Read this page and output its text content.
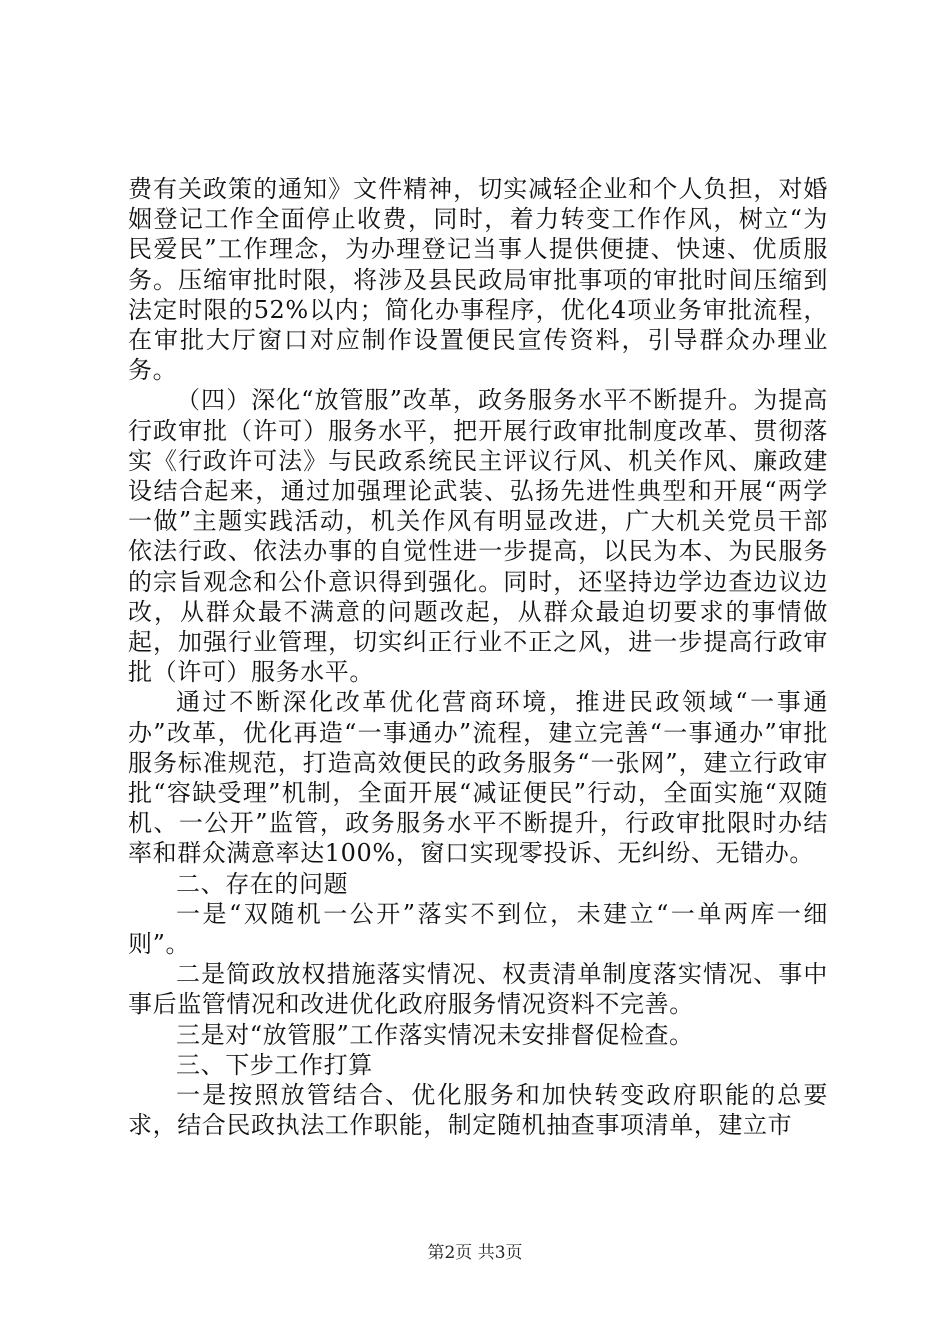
费有关政策的通知》文件精神，切实减轻企业和个人负担，对婚姻登记工作全面停止收费，同时，着力转变工作作风，树立“为民爱民”工作理念，为办理登记当事人提供便捷、快速、优质服务。压缩审批时限，将涉及县民政局审批事项的审批时间压缩到法定时限的52%以内；简化办事程序，优化4项业务审批流程，在审批大厅窗口对应制作设置便民宣传资料，引导群众办理业务。

（四）深化“放管服”改革，政务服务水平不断提升。为提高行政审批（许可）服务水平，把开展行政审批制度改革、贯彻落实《行政许可法》与民政系统民主评议行风、机关作风、廉政建设结合起来，通过加强理论武装、弘扬先进性典型和开展“两学一做”主题实践活动，机关作风有明显改进，广大机关党员干部依法行政、依法办事的自觉性进一步提高，以民为本、为民服务的宗旨观念和公仆意识得到强化。同时，还坚持边学边查边议边改，从群众最不满意的问题改起，从群众最迫切要求的事情做起，加强行业管理，切实纠正行业不正之风，进一步提高行政审批（许可）服务水平。

通过不断深化改革优化营商环境，推进民政领域“一事通办”改革，优化再造“一事通办”流程，建立完善“一事通办”审批服务标准规范，打造高效便民的政务服务“一张网”，建立行政审批“容缺受理”机制，全面开展“减证便民”行动，全面实施“双随机、一公开”监管，政务服务水平不断提升，行政审批限时办结率和群众满意率达100%，窗口实现零投诉、无纠纷、无错办。

二、存在的问题

一是“双随机一公开”落实不到位，未建立“一单两库一细则”。

二是简政放权措施落实情况、权责清单制度落实情况、事中事后监管情况和改进优化政府服务情况资料不完善。

三是对“放管服”工作落实情况未安排督促检查。

三、下步工作打算

一是按照放管结合、优化服务和加快转变政府职能的总要求，结合民政执法工作职能，制定随机抽查事项清单，建立市

第2页 共3页
